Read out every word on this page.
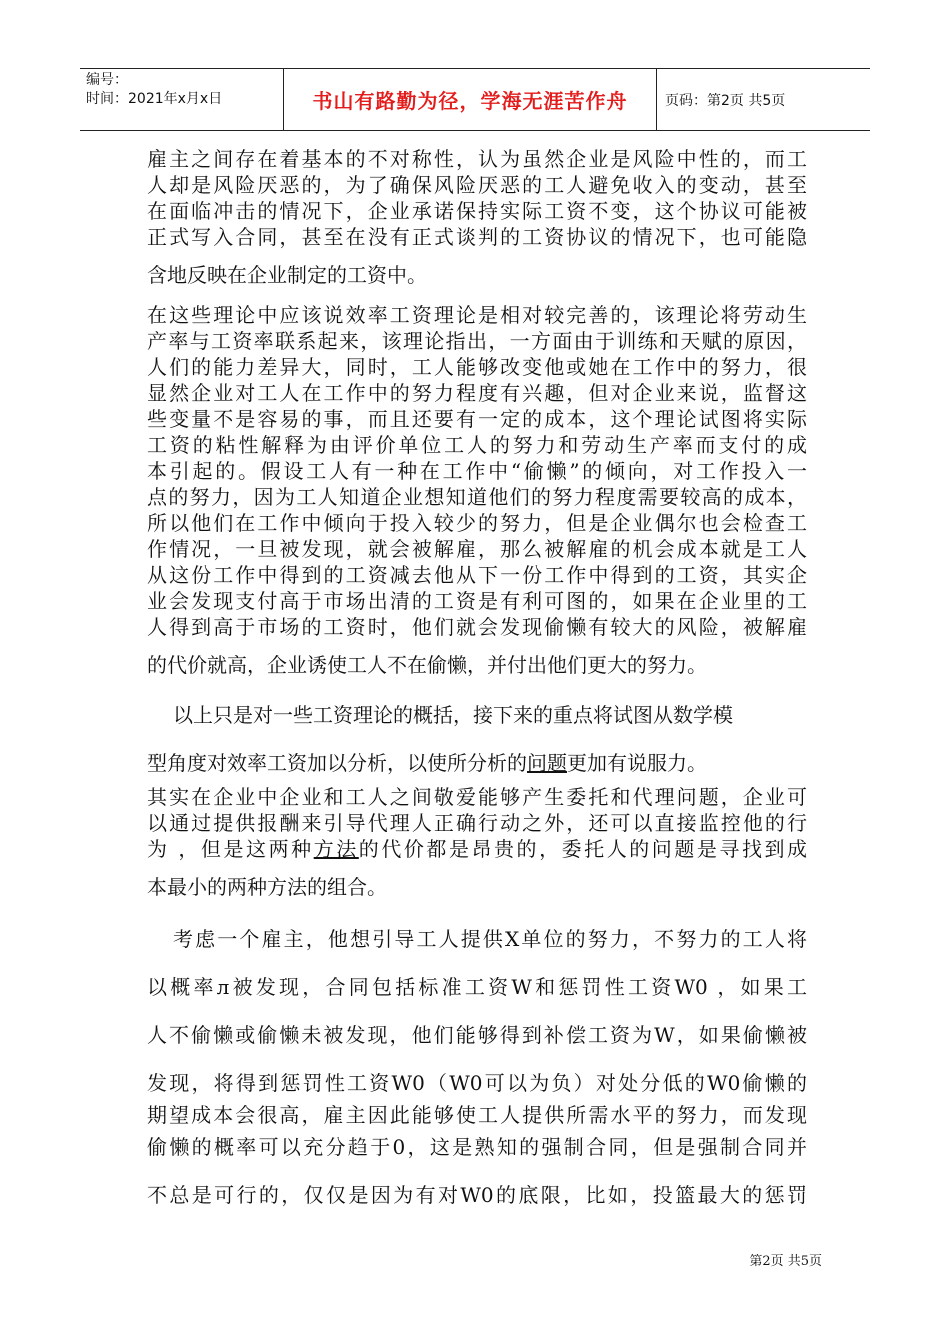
编号：
时间：2021年x月x日	书山有路勤为径，学海无涯苦作舟	页码：第2页 共5页
雇主之间存在着基本的不对称性，认为虽然企业是风险中性的，而工
人却是风险厌恶的，为了确保风险厌恶的工人避免收入的变动，甚至
在面临冲击的情况下，企业承诺保持实际工资不变，这个协议可能被
正式写入合同，甚至在没有正式谈判的工资协议的情况下，也可能隐
含地反映在企业制定的工资中。
在这些理论中应该说效率工资理论是相对较完善的，该理论将劳动生
产率与工资率联系起来，该理论指出，一方面由于训练和天赋的原因，
人们的能力差异大，同时，工人能够改变他或她在工作中的努力，很
显然企业对工人在工作中的努力程度有兴趣，但对企业来说，监督这
些变量不是容易的事，而且还要有一定的成本，这个理论试图将实际
工资的粘性解释为由评价单位工人的努力和劳动生产率而支付的成
本引起的。假设工人有一种在工作中“偷懒”的倾向，对工作投入一
点的努力，因为工人知道企业想知道他们的努力程度需要较高的成本，
所以他们在工作中倾向于投入较少的努力，但是企业偶尔也会检查工
作情况，一旦被发现，就会被解雇，那么被解雇的机会成本就是工人
从这份工作中得到的工资减去他从下一份工作中得到的工资，其实企
业会发现支付高于市场出清的工资是有利可图的，如果在企业里的工
人得到高于市场的工资时，他们就会发现偷懒有较大的风险，被解雇
的代价就高，企业诱使工人不在偷懒，并付出他们更大的努力。
以上只是对一些工资理论的概括，接下来的重点将试图从数学模
型角度对效率工资加以分析，以使所分析的问题更加有说服力。
其实在企业中企业和工人之间敬爱能够产生委托和代理问题，企业可
以通过提供报酬来引导代理人正确行动之外，还可以直接监控他的行
为 ，但是这两种方法的代价都是昂贵的，委托人的问题是寻找到成
本最小的两种方法的组合。
考虑一个雇主，他想引导工人提供X单位的努力，不努力的工人将
以概率л被发现，合同包括标准工资W和惩罚性工资W0 ，如果工
人不偷懒或偷懒未被发现，他们能够得到补偿工资为W，如果偷懒被
发现，将得到惩罚性工资W0（W0可以为负）对处分低的W0偷懒的
期望成本会很高，雇主因此能够使工人提供所需水平的努力，而发现
偷懒的概率可以充分趋于0，这是熟知的强制合同，但是强制合同并
不总是可行的，仅仅是因为有对W0的底限，比如，投篮最大的惩罚
第2页 共5页
